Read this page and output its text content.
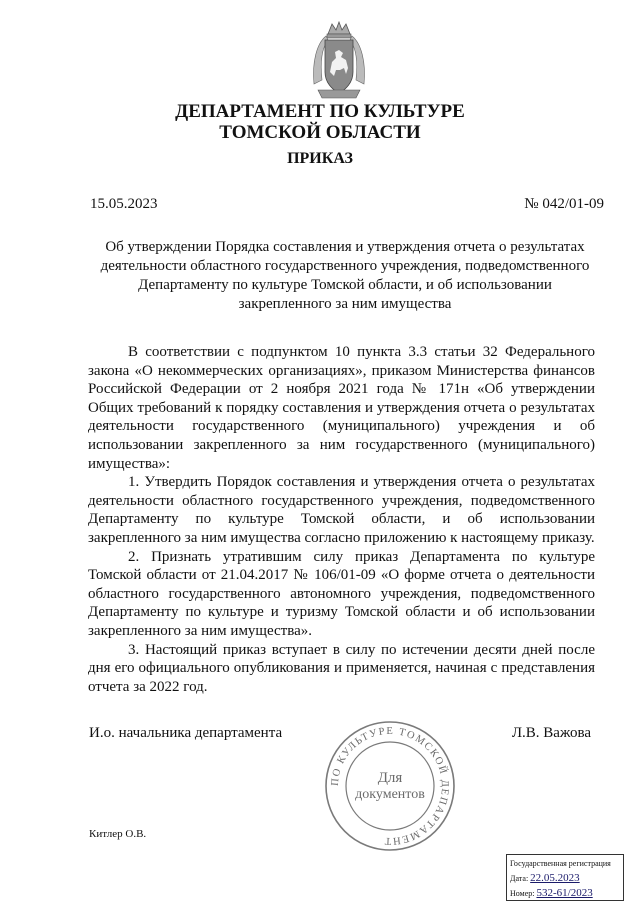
ДЕПАРТАМЕНТ ПО КУЛЬТУРЕ
ТОМСКОЙ ОБЛАСТИ
ПРИКАЗ
15.05.2023	№ 042/01-09
Об утверждении Порядка составления и утверждения отчета о результатах деятельности областного государственного учреждения, подведомственного Департаменту по культуре Томской области, и об использовании закрепленного за ним имущества

В соответствии с подпунктом 10 пункта 3.3 статьи 32 Федерального закона «О некоммерческих организациях», приказом Министерства финансов Российской Федерации от 2 ноября 2021 года № 171н «Об утверждении Общих требований к порядку составления и утверждения отчета о результатах деятельности государственного (муниципального) учреждения и об использовании закрепленного за ним государственного (муниципального) имущества»:

1. Утвердить Порядок составления и утверждения отчета о результатах деятельности областного государственного учреждения, подведомственного Департаменту по культуре Томской области, и об использовании закрепленного за ним имущества согласно приложению к настоящему приказу.

2. Признать утратившим силу приказ Департамента по культуре Томской области от 21.04.2017 № 106/01-09 «О форме отчета о деятельности областного государственного автономного учреждения, подведомственного Департаменту по культуре и туризму Томской области и об использовании закрепленного за ним имущества».

3. Настоящий приказ вступает в силу по истечении десяти дней после дня его официального опубликования и применяется, начиная с представления отчета за 2022 год.

И.о. начальника департамента	Л.В. Важова
ПО КУЛЬТУРЕ ТОМСКОЙ ДЕПАРТАМЕНТ
Для
документов
Китлер О.В.
Государственная регистрация
Дата: 22.05.2023
Номер: 532-61/2023
